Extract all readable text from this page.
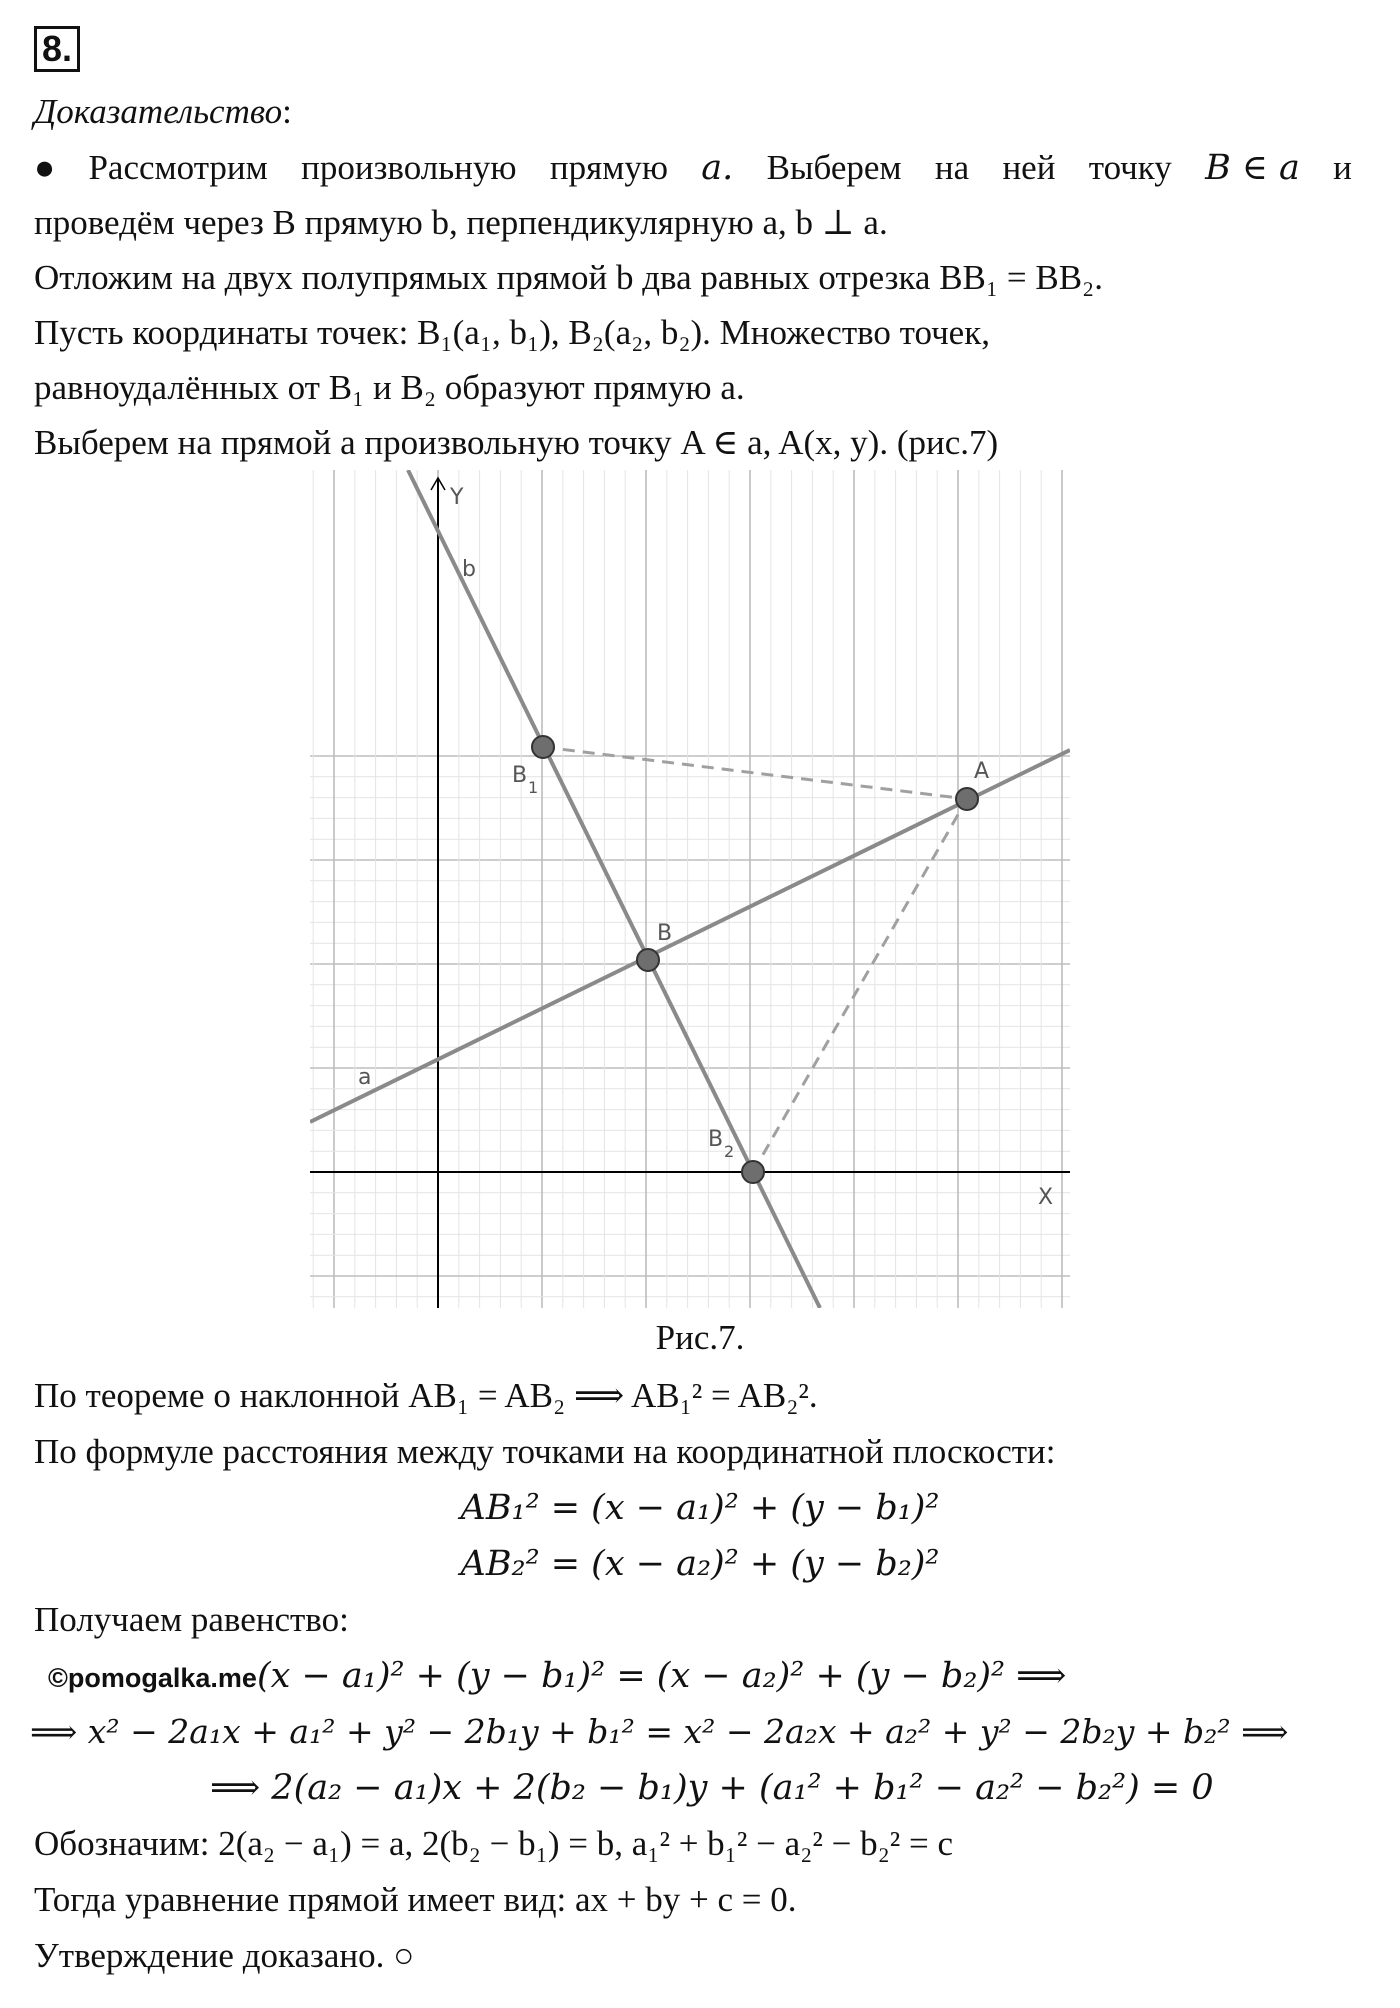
8.
Доказательство:
● Рассмотрим произвольную прямую a. Выберем на ней точку B ∈ a и
проведём через B прямую b, перпендикулярную a, b ⊥ a.
Отложим на двух полупрямых прямой b два равных отрезка BB₁ = BB₂.
Пусть координаты точек: B₁(a₁, b₁), B₂(a₂, b₂). Множество точек,
равноудалённых от B₁ и B₂ образуют прямую a.
Выберем на прямой a произвольную точку A ∈ a, A(x, y). (рис.7)
Y
X
b
a
A
B
B 1
B 2
Рис.7.
По теореме о наклонной AB₁ = AB₂ ⟹ AB₁² = AB₂².
По формуле расстояния между точками на координатной плоскости:
AB₁² = (x − a₁)² + (y − b₁)²
AB₂² = (x − a₂)² + (y − b₂)²
Получаем равенство:
©pomogalka.me(x − a₁)² + (y − b₁)² = (x − a₂)² + (y − b₂)² ⟹
⟹ x² − 2a₁x + a₁² + y² − 2b₁y + b₁² = x² − 2a₂x + a₂² + y² − 2b₂y + b₂² ⟹
⟹ 2(a₂ − a₁)x + 2(b₂ − b₁)y + (a₁² + b₁² − a₂² − b₂²) = 0
Обозначим: 2(a₂ − a₁) = a, 2(b₂ − b₁) = b, a₁² + b₁² − a₂² − b₂² = c
Тогда уравнение прямой имеет вид: ax + by + c = 0.
Утверждение доказано. ○
